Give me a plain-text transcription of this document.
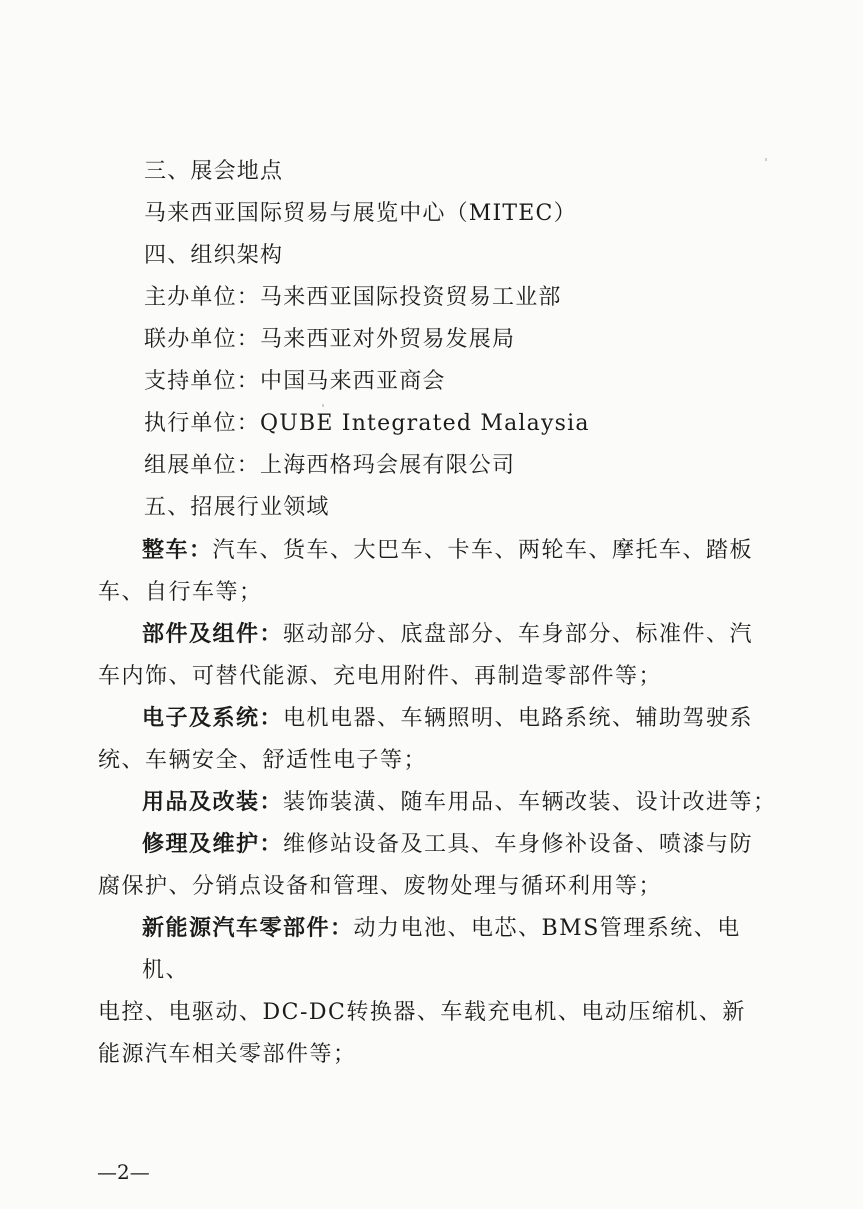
三、展会地点
马来西亚国际贸易与展览中心（MITEC）
四、组织架构
主办单位：马来西亚国际投资贸易工业部
联办单位：马来西亚对外贸易发展局
支持单位：中国马来西亚商会
执行单位：QUBE Integrated Malaysia
组展单位：上海西格玛会展有限公司
五、招展行业领域
整车：汽车、货车、大巴车、卡车、两轮车、摩托车、踏板
车、自行车等；
部件及组件：驱动部分、底盘部分、车身部分、标准件、汽
车内饰、可替代能源、充电用附件、再制造零部件等；
电子及系统：电机电器、车辆照明、电路系统、辅助驾驶系
统、车辆安全、舒适性电子等；
用品及改装：装饰装潢、随车用品、车辆改装、设计改进等；
修理及维护：维修站设备及工具、车身修补设备、喷漆与防
腐保护、分销点设备和管理、废物处理与循环利用等；
新能源汽车零部件：动力电池、电芯、BMS管理系统、电机、
电控、电驱动、DC-DC转换器、车载充电机、电动压缩机、新
能源汽车相关零部件等；
—2—
